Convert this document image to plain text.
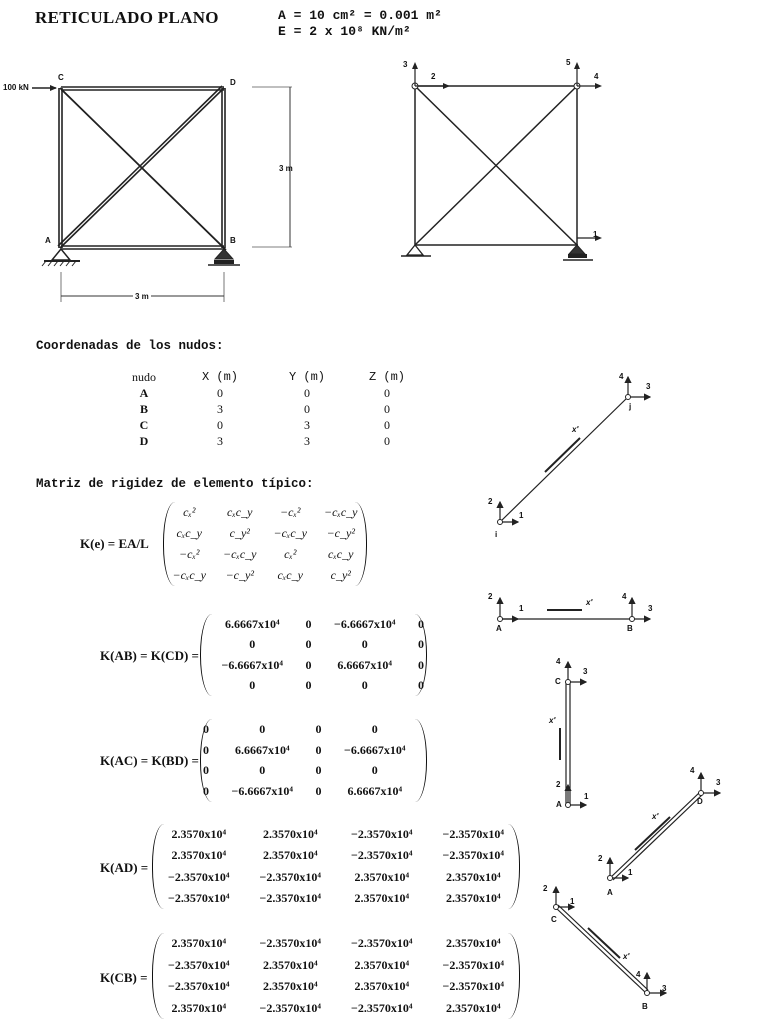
RETICULADO PLANO	A = 10 cm² = 0.001 m²
E = 2 x 10⁸ KN/m²
100 kN
C
D
A	B
3 m
3 m
3
2
5
4
1
Coordenadas de los nudos:
nudo	X (m)	Y (m)	Z (m)
A	0	0	0
B	3	0	0
C	0	3	0
D	3	3	0
Matriz de rigidez de elemento típico:
K(e) = EA/L
cₓ²	cₓc_y	−cₓ²	−cₓc_y
cₓc_y	c_y²	−cₓc_y	−c_y²
−cₓ²	−cₓc_y	cₓ²	cₓc_y
−cₓc_y	−c_y²	cₓc_y	c_y²
K(AB) = K(CD) =
6.6667x10⁴	0	−6.6667x10⁴	0
0	0	0	0
−6.6667x10⁴	0	6.6667x10⁴	0
0	0	0	0
K(AC) = K(BD) =
0	0	0	0
0	6.6667x10⁴	0	−6.6667x10⁴
0	0	0	0
0	−6.6667x10⁴	0	6.6667x10⁴
K(AD) =
2.3570x10⁴	2.3570x10⁴	−2.3570x10⁴	−2.3570x10⁴
2.3570x10⁴	2.3570x10⁴	−2.3570x10⁴	−2.3570x10⁴
−2.3570x10⁴	−2.3570x10⁴	2.3570x10⁴	2.3570x10⁴
−2.3570x10⁴	−2.3570x10⁴	2.3570x10⁴	2.3570x10⁴
K(CB) =
2.3570x10⁴	−2.3570x10⁴	−2.3570x10⁴	2.3570x10⁴
−2.3570x10⁴	2.3570x10⁴	2.3570x10⁴	−2.3570x10⁴
−2.3570x10⁴	2.3570x10⁴	2.3570x10⁴	−2.3570x10⁴
2.3570x10⁴	−2.3570x10⁴	−2.3570x10⁴	2.3570x10⁴
i
j
1
2
3
4
x'
A	B
1
2
3
4
x'
A
C
1
2
3
4
x'
A
D
1
2
3
4
x'
C
B
1
2
3
4
x'
